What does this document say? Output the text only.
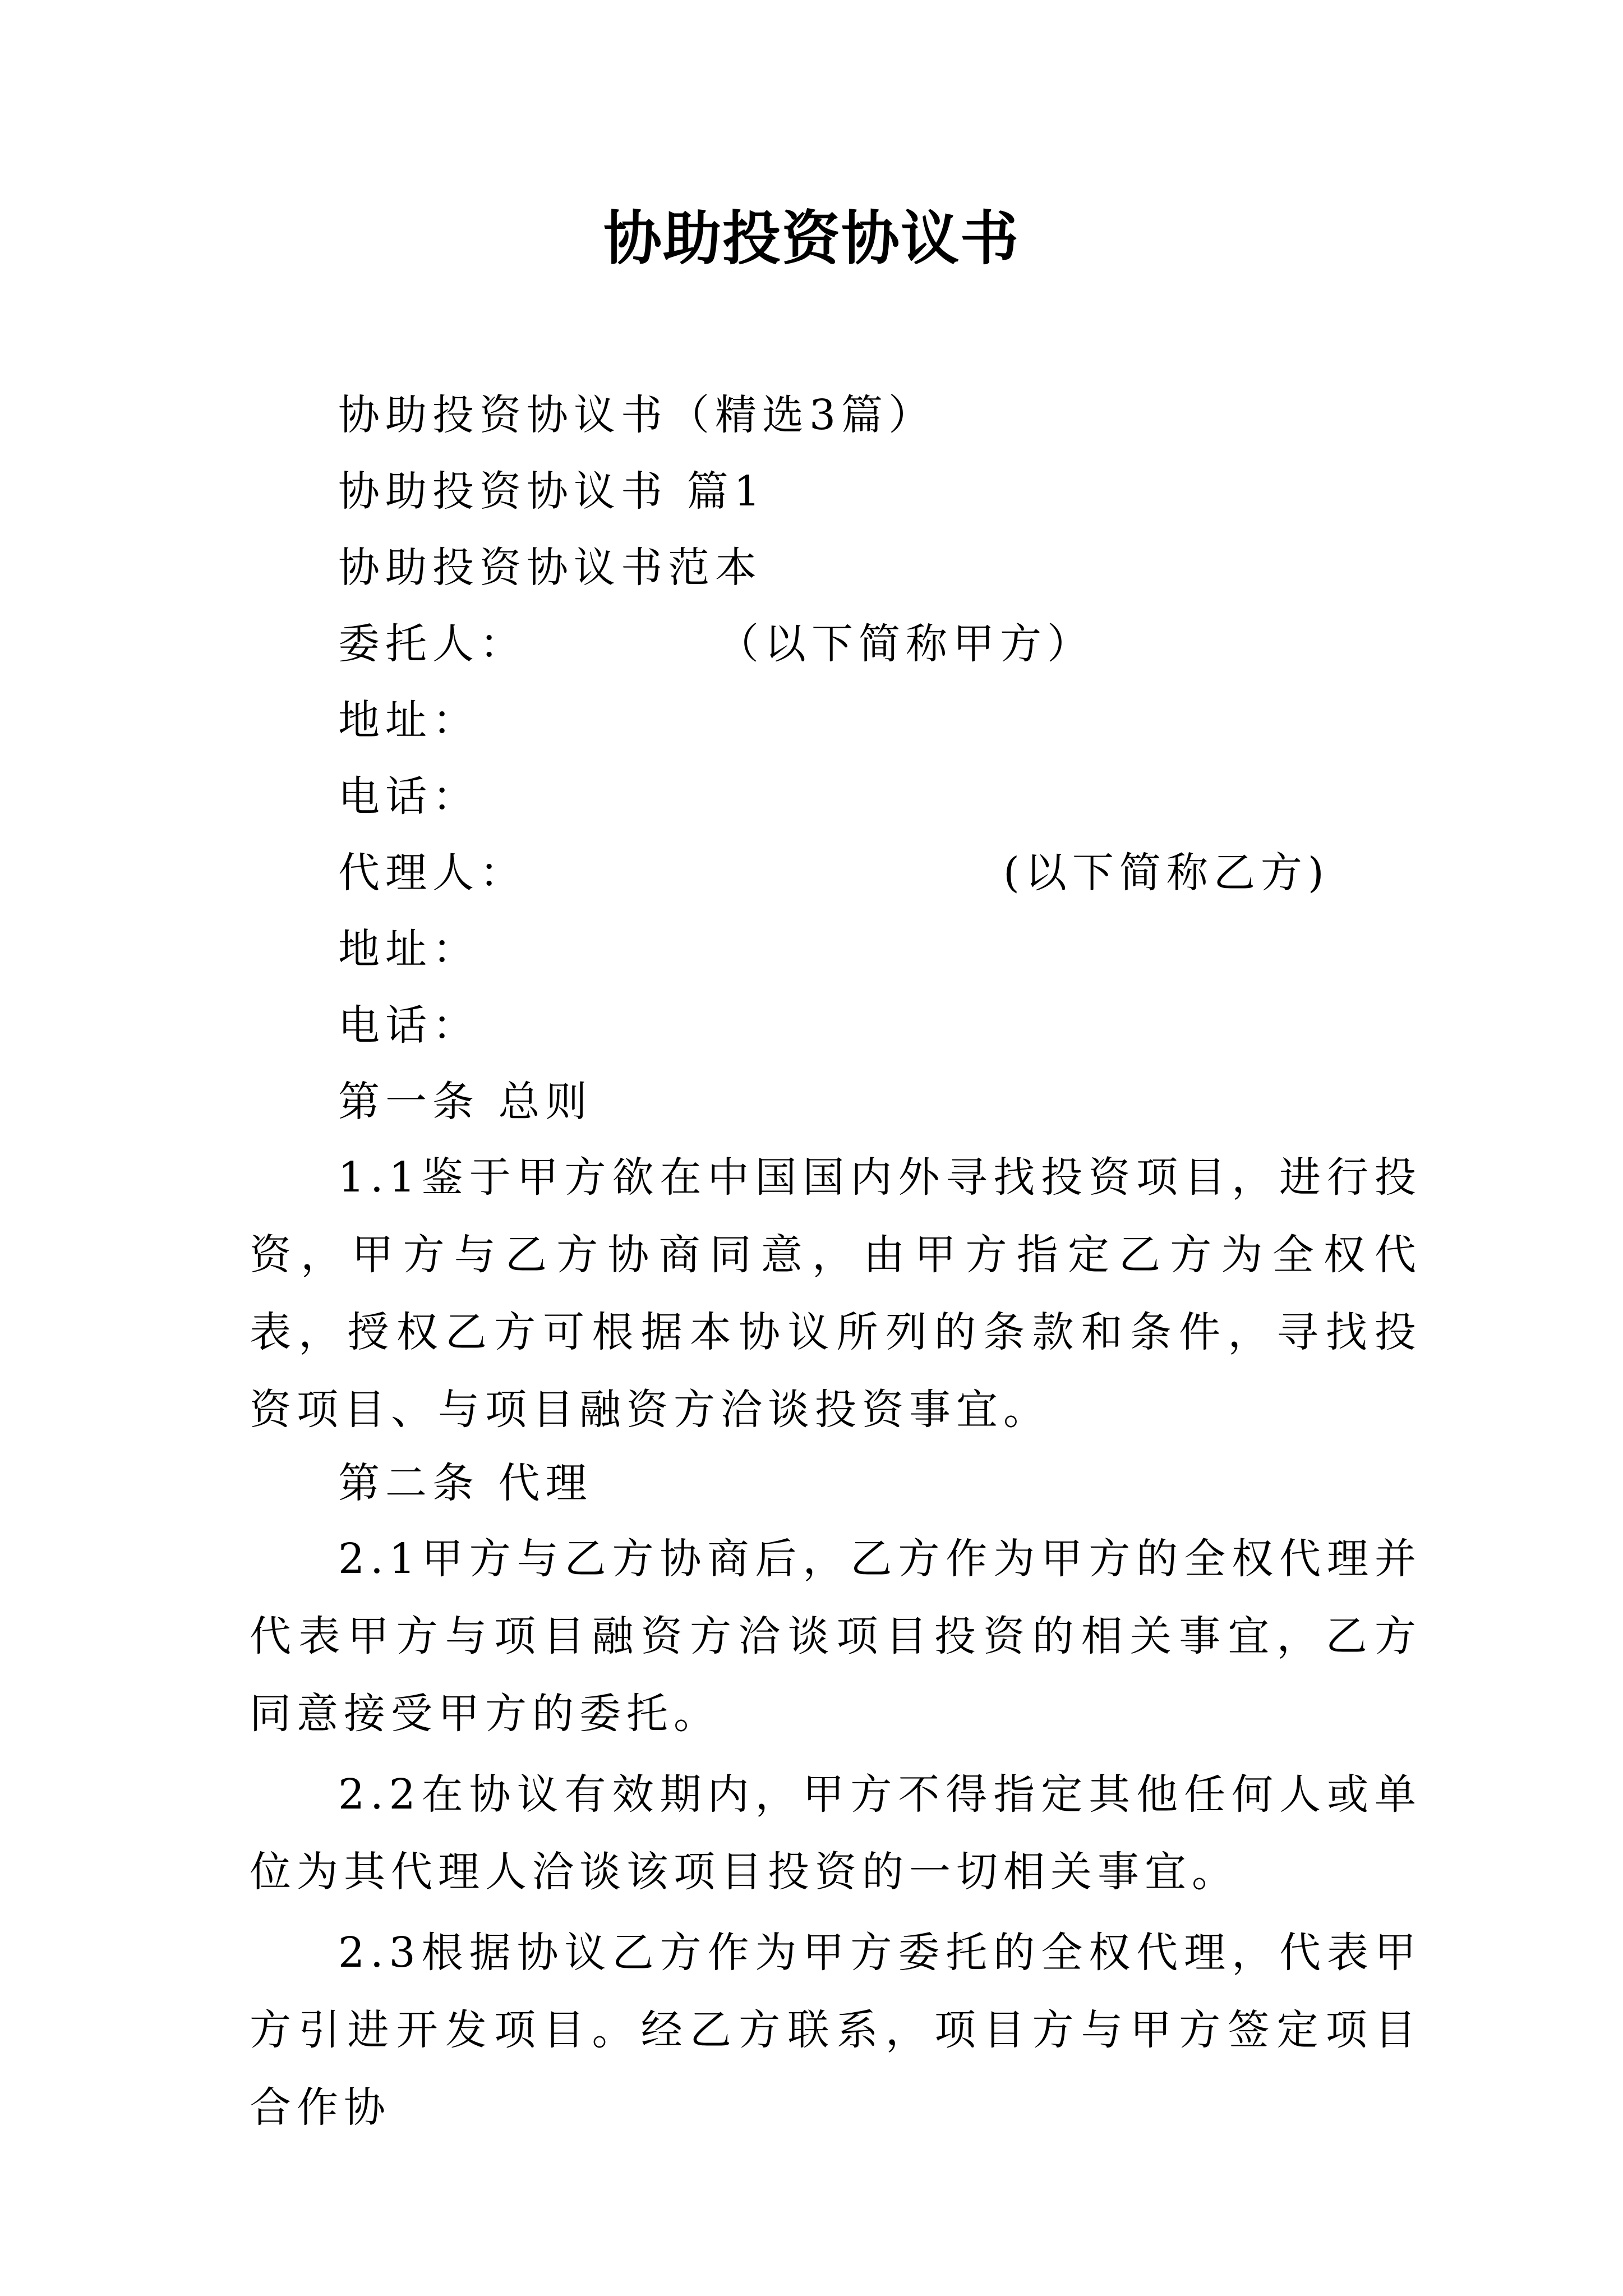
协助投资协议书
协助投资协议书（精选3篇）
协助投资协议书 篇1
协助投资协议书范本
委托人：	（以下简称甲方）
地址：
电话：
代理人：	(以下简称乙方)
地址：
电话：
第一条 总则
1.1鉴于甲方欲在中国国内外寻找投资项目，进行投资，甲方与乙方协商同意，由甲方指定乙方为全权代表，授权乙方可根据本协议所列的条款和条件，寻找投资项目、与项目融资方洽谈投资事宜。
第二条 代理
2.1甲方与乙方协商后，乙方作为甲方的全权代理并代表甲方与项目融资方洽谈项目投资的相关事宜，乙方同意接受甲方的委托。
2.2在协议有效期内，甲方不得指定其他任何人或单位为其代理人洽谈该项目投资的一切相关事宜。
2.3根据协议乙方作为甲方委托的全权代理，代表甲方引进开发项目。经乙方联系，项目方与甲方签定项目合作协
